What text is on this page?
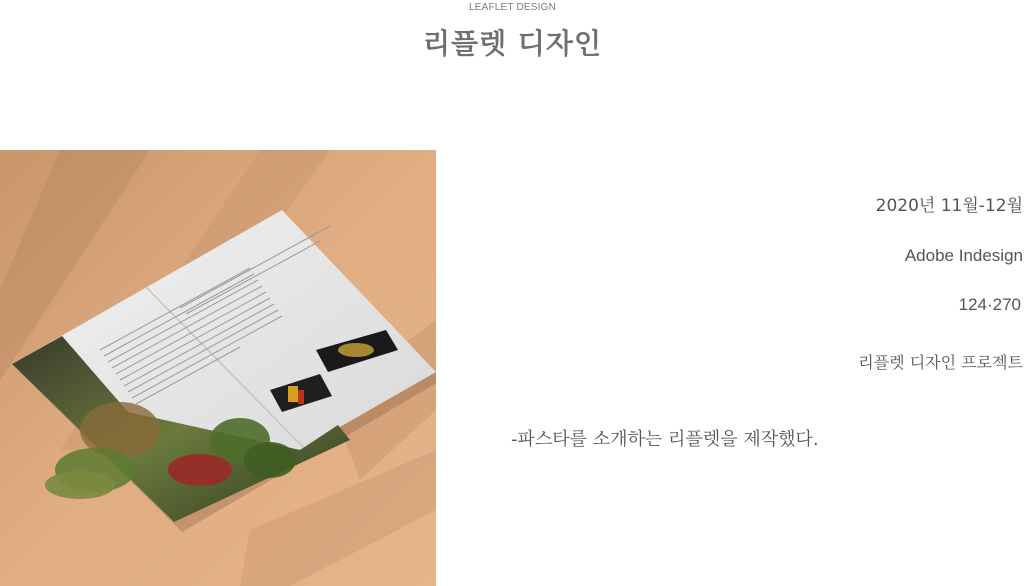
LEAFLET DESIGN
리플렛 디자인
2020년 11월-12월
Adobe Indesign
124·270
리플렛 디자인 프로젝트
-파스타를 소개하는 리플렛을 제작했다.
